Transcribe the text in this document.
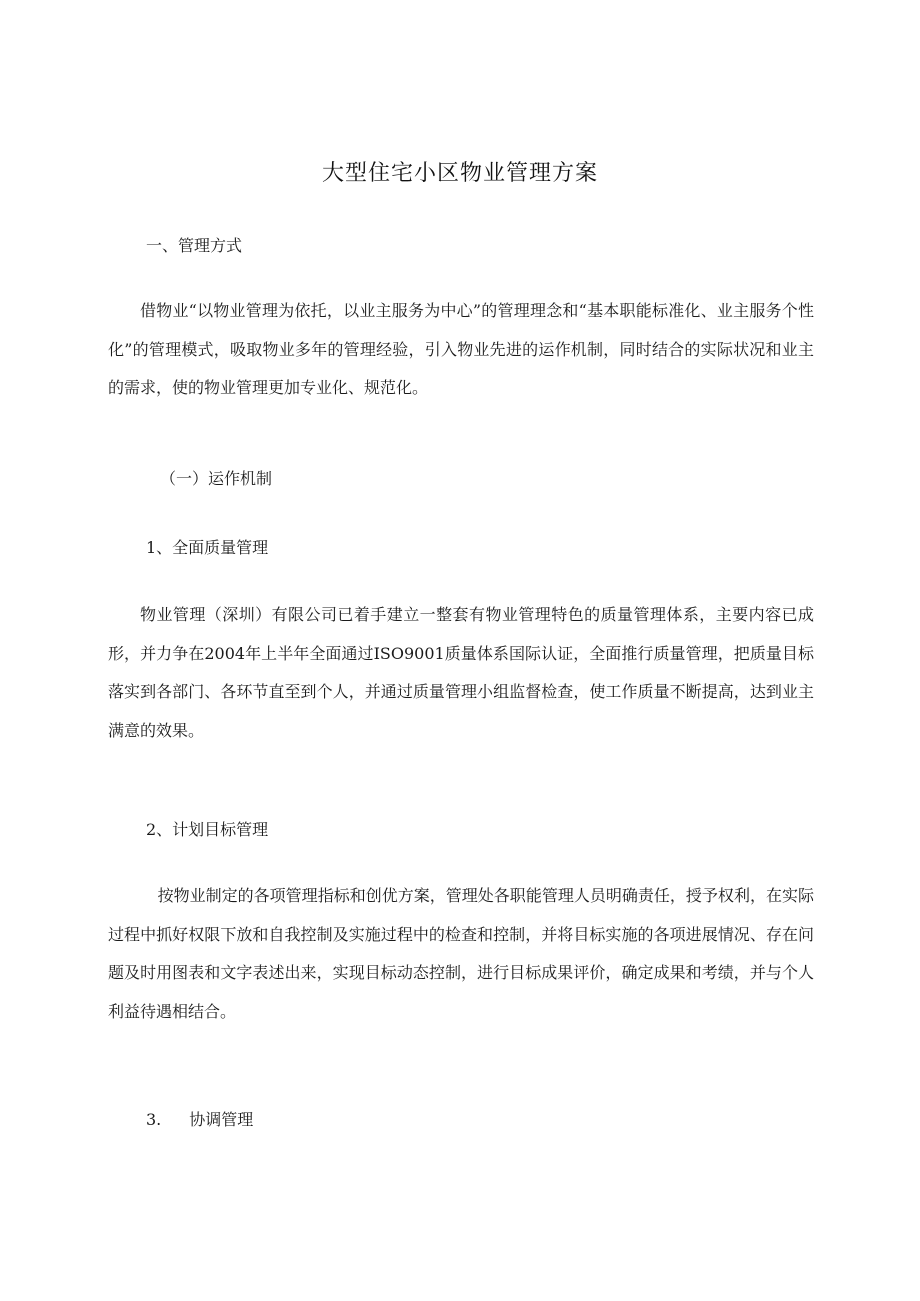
大型住宅小区物业管理方案
一、管理方式
借物业“以物业管理为依托，以业主服务为中心”的管理理念和“基本职能标准化、业主服务个性化”的管理模式，吸取物业多年的管理经验，引入物业先进的运作机制，同时结合的实际状况和业主的需求，使的物业管理更加专业化、规范化。
（一）运作机制
1、全面质量管理
物业管理（深圳）有限公司已着手建立一整套有物业管理特色的质量管理体系，主要内容已成形，并力争在2004年上半年全面通过ISO9001质量体系国际认证，全面推行质量管理，把质量目标落实到各部门、各环节直至到个人，并通过质量管理小组监督检查，使工作质量不断提高，达到业主满意的效果。
2、计划目标管理
按物业制定的各项管理指标和创优方案，管理处各职能管理人员明确责任，授予权利，在实际过程中抓好权限下放和自我控制及实施过程中的检查和控制，并将目标实施的各项进展情况、存在问题及时用图表和文字表述出来，实现目标动态控制，进行目标成果评价，确定成果和考绩，并与个人利益待遇相结合。
3. 协调管理
